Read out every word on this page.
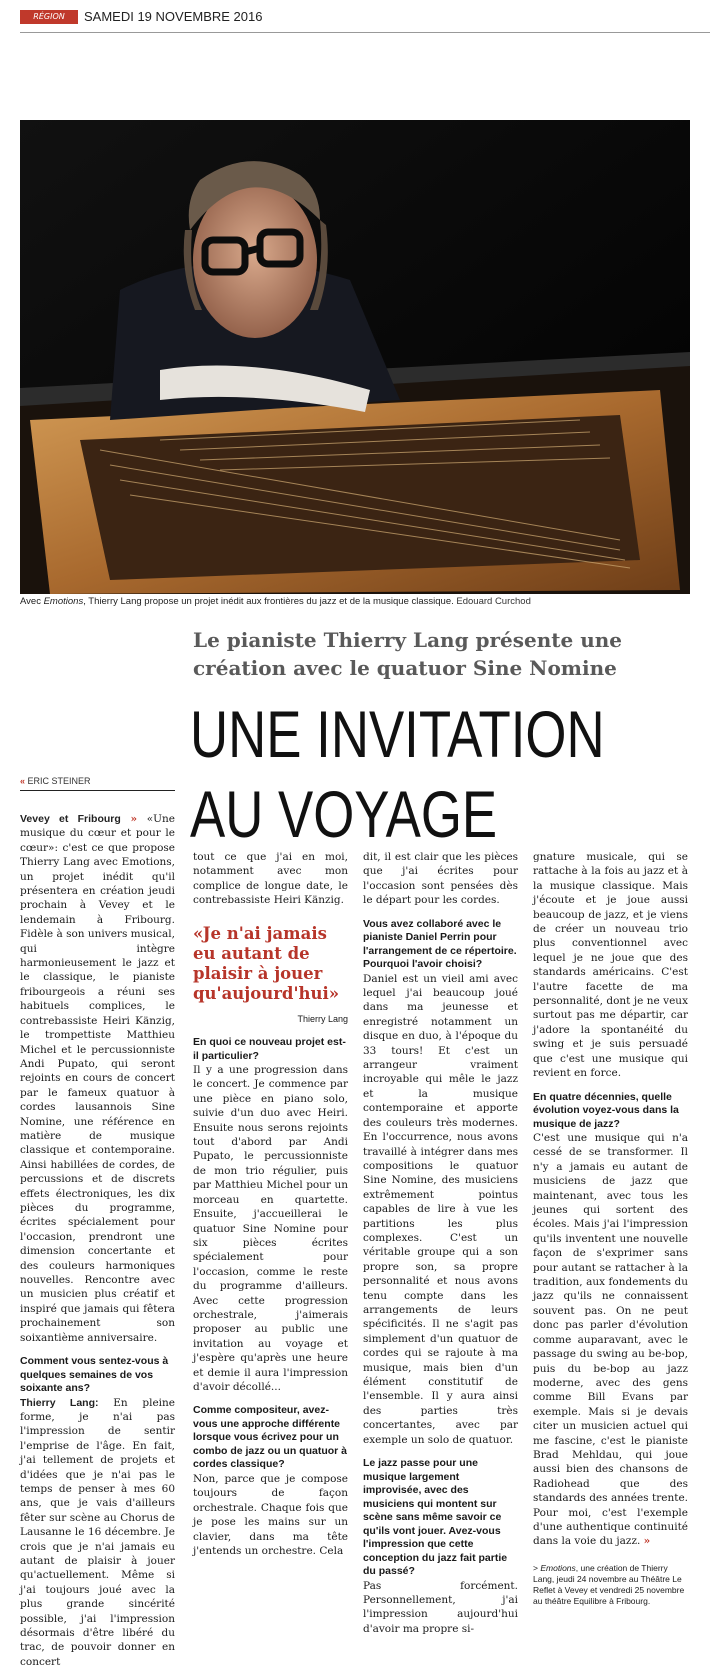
RÉGION	SAMEDI 19 NOVEMBRE 2016
Avec Emotions, Thierry Lang propose un projet inédit aux frontières du jazz et de la musique classique. Edouard Curchod
Le pianiste Thierry Lang présente une création avec le quatuor Sine Nomine
UNE INVITATION
AU VOYAGE
« ERIC STEINER

Vevey et Fribourg » «Une musique du cœur et pour le cœur»: c'est ce que propose Thierry Lang avec Emotions, un projet inédit qu'il présentera en création jeudi prochain à Vevey et le lendemain à Fribourg. Fidèle à son univers musical, qui intègre harmonieusement le jazz et le classique, le pianiste fribourgeois a réuni ses habituels complices, le contrebassiste Heiri Känzig, le trompettiste Matthieu Michel et le percussionniste Andi Pupato, qui seront rejoints en cours de concert par le fameux quatuor à cordes lausannois Sine Nomine, une référence en matière de musique classique et contemporaine. Ainsi habillées de cordes, de percussions et de discrets effets électroniques, les dix pièces du programme, écrites spécialement pour l'occasion, prendront une dimension concertante et des couleurs harmoniques nouvelles. Rencontre avec un musicien plus créatif et inspiré que jamais qui fêtera prochainement son soixantième anniversaire.

Comment vous sentez-vous à quelques semaines de vos soixante ans?

Thierry Lang: En pleine forme, je n'ai pas l'impression de sentir l'emprise de l'âge. En fait, j'ai tellement de projets et d'idées que je n'ai pas le temps de penser à mes 60 ans, que je vais d'ailleurs fêter sur scène au Chorus de Lausanne le 16 décembre. Je crois que je n'ai jamais eu autant de plaisir à jouer qu'actuellement. Même si j'ai toujours joué avec la plus grande sincérité possible, j'ai l'impression désormais d'être libéré du trac, de pouvoir donner en concert

tout ce que j'ai en moi, notamment avec mon complice de longue date, le contrebassiste Heiri Känzig.

«Je n'ai jamais eu autant de plaisir à jouer qu'aujourd'hui»
Thierry Lang

En quoi ce nouveau projet est-il particulier?

Il y a une progression dans le concert. Je commence par une pièce en piano solo, suivie d'un duo avec Heiri. Ensuite nous serons rejoints tout d'abord par Andi Pupato, le percussionniste de mon trio régulier, puis par Matthieu Michel pour un morceau en quartette. Ensuite, j'accueillerai le quatuor Sine Nomine pour six pièces écrites spécialement pour l'occasion, comme le reste du programme d'ailleurs. Avec cette progression orchestrale, j'aimerais proposer au public une invitation au voyage et j'espère qu'après une heure et demie il aura l'impression d'avoir décollé...

Comme compositeur, avez-vous une approche différente lorsque vous écrivez pour un combo de jazz ou un quatuor à cordes classique?

Non, parce que je compose toujours de façon orchestrale. Chaque fois que je pose les mains sur un clavier, dans ma tête j'entends un orchestre. Cela

dit, il est clair que les pièces que j'ai écrites pour l'occasion sont pensées dès le départ pour les cordes.

Vous avez collaboré avec le pianiste Daniel Perrin pour l'arrangement de ce répertoire. Pourquoi l'avoir choisi?

Daniel est un vieil ami avec lequel j'ai beaucoup joué dans ma jeunesse et enregistré notamment un disque en duo, à l'époque du 33 tours! Et c'est un arrangeur vraiment incroyable qui mêle le jazz et la musique contemporaine et apporte des couleurs très modernes. En l'occurrence, nous avons travaillé à intégrer dans mes compositions le quatuor Sine Nomine, des musiciens extrêmement pointus capables de lire à vue les partitions les plus complexes. C'est un véritable groupe qui a son propre son, sa propre personnalité et nous avons tenu compte dans les arrangements de leurs spécificités. Il ne s'agit pas simplement d'un quatuor de cordes qui se rajoute à ma musique, mais bien d'un élément constitutif de l'ensemble. Il y aura ainsi des parties très concertantes, avec par exemple un solo de quatuor.

Le jazz passe pour une musique largement improvisée, avec des musiciens qui montent sur scène sans même savoir ce qu'ils vont jouer. Avez-vous l'impression que cette conception du jazz fait partie du passé?

Pas forcément. Personnellement, j'ai l'impression aujourd'hui d'avoir ma propre si-

gnature musicale, qui se rattache à la fois au jazz et à la musique classique. Mais j'écoute et je joue aussi beaucoup de jazz, et je viens de créer un nouveau trio plus conventionnel avec lequel je ne joue que des standards américains. C'est l'autre facette de ma personnalité, dont je ne veux surtout pas me départir, car j'adore la spontanéité du swing et je suis persuadé que c'est une musique qui revient en force.

En quatre décennies, quelle évolution voyez-vous dans la musique de jazz?

C'est une musique qui n'a cessé de se transformer. Il n'y a jamais eu autant de musiciens de jazz que maintenant, avec tous les jeunes qui sortent des écoles. Mais j'ai l'impression qu'ils inventent une nouvelle façon de s'exprimer sans pour autant se rattacher à la tradition, aux fondements du jazz qu'ils ne connaissent souvent pas. On ne peut donc pas parler d'évolution comme auparavant, avec le passage du swing au be-bop, puis du be-bop au jazz moderne, avec des gens comme Bill Evans par exemple. Mais si je devais citer un musicien actuel qui me fascine, c'est le pianiste Brad Mehldau, qui joue aussi bien des chansons de Radiohead que des standards des années trente. Pour moi, c'est l'exemple d'une authentique continuité dans la voie du jazz. »

> Emotions, une création de Thierry Lang, jeudi 24 novembre au Théâtre Le Reflet à Vevey et vendredi 25 novembre au théâtre Equilibre à Fribourg.
